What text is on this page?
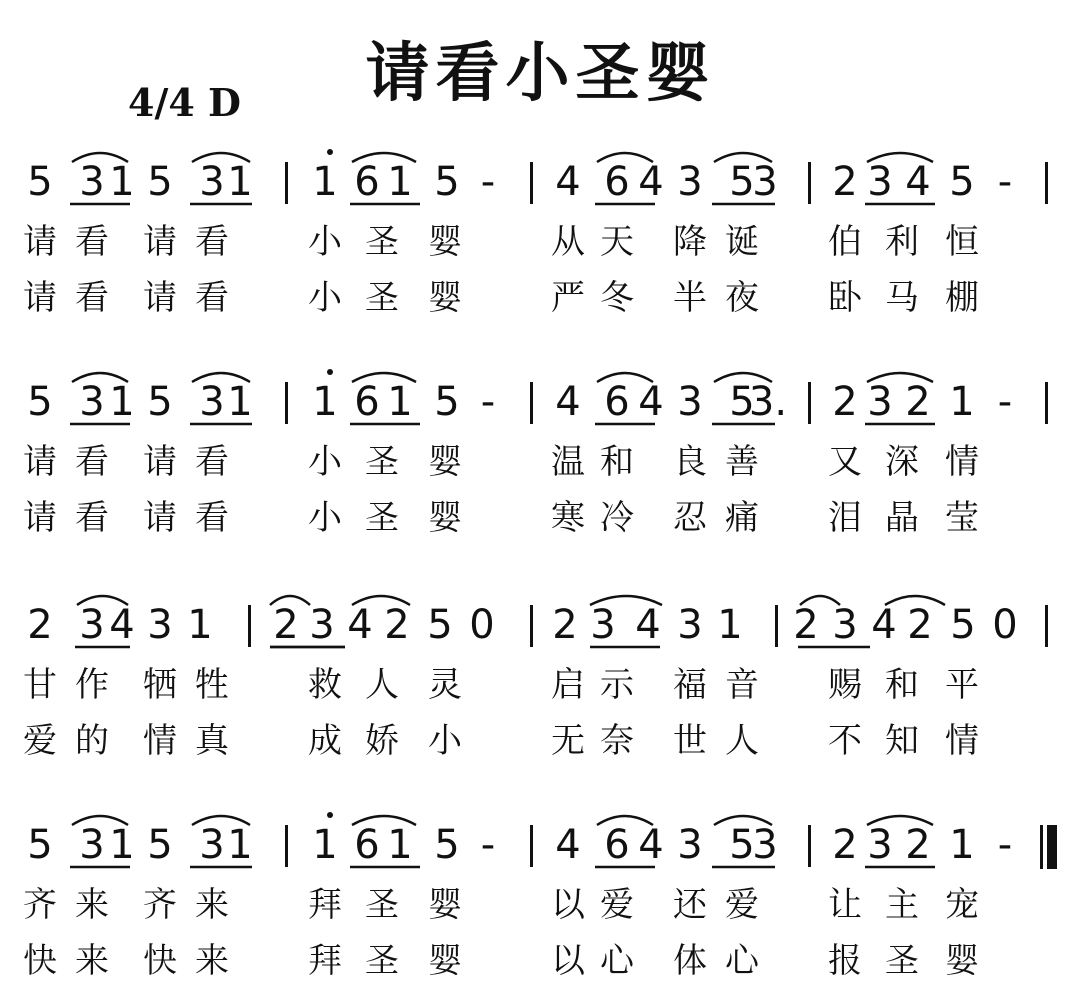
请看小圣婴
4/4 D
5 3 1 5 3 1 1 6 1 5 -	4 6 4 3 5
3 2 3 4 5 -
请 看 请 看 小 圣 婴	从 天 降 诞 伯 利 恒
请 看 请 看 小 圣 婴	严 冬 半 夜 卧 马 棚
5 3 1 5 3 1 1 6 1 5 -	4 6 4 3 5
3. 2 3 2 1 -
请 看 请 看 小 圣 婴	温 和 良 善 又 深 情
请 看 请 看 小 圣 婴	寒 冷 忍 痛 泪 晶 莹
2 3 4 3 1 2 3 4 2 5 0 2 3 4 3 1 2 3 4 2 5 0
甘 作 牺 牲 救 人 灵	启 示 福 音 赐 和 平
爱 的 情 真 成 娇 小	无 奈 世 人 不 知 情
5 3 1 5 3 1 1 6 1 5 -	4 6 4 3 5
3 2 3 2 1 -
齐 来 齐 来 拜 圣 婴	以 爱 还 爱 让 主 宠
快 来 快 来 拜 圣 婴	以 心 体 心 报 圣 婴
